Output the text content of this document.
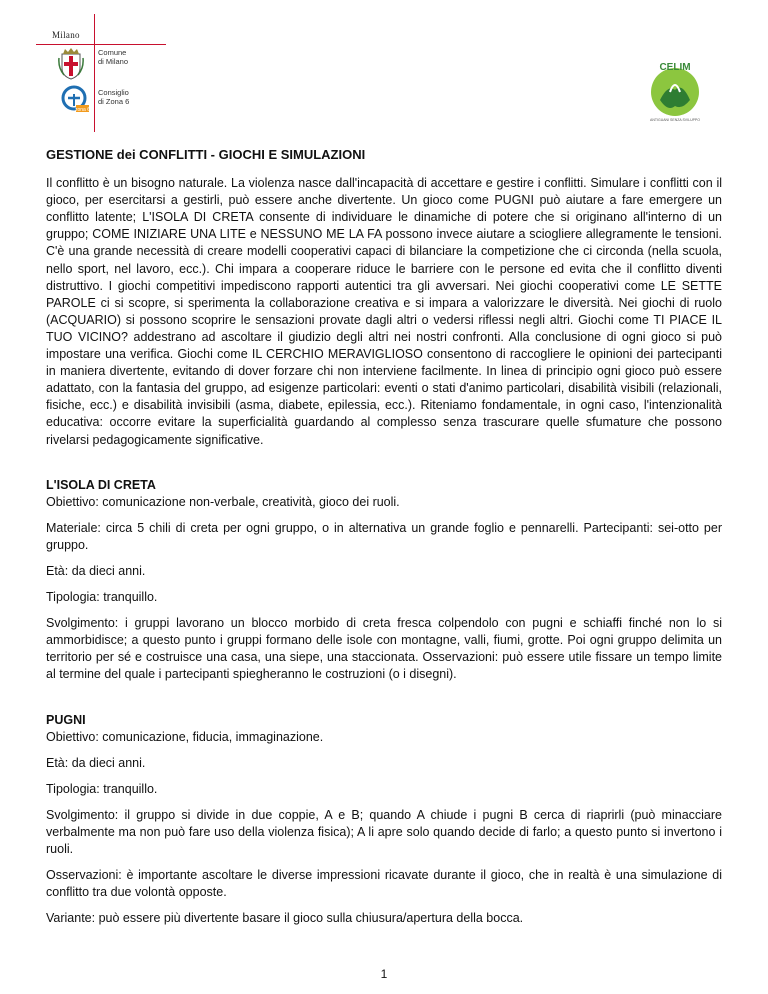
Milano
Comune
di Milano
zona 6
Consiglio
di Zona 6
CELIM
ANTIGUANI SENZA SVILUPPO
GESTIONE dei CONFLITTI - GIOCHI E SIMULAZIONI

Il conflitto è un bisogno naturale. La violenza nasce dall'incapacità di accettare e gestire i conflitti. Simulare i conflitti con il gioco, per esercitarsi a gestirli, può essere anche divertente. Un gioco come PUGNI può aiutare a fare emergere un conflitto latente; L'ISOLA DI CRETA consente di individuare le dinamiche di potere che si originano all'interno di un gruppo; COME INIZIARE UNA LITE e NESSUNO ME LA FA possono invece aiutare a sciogliere allegramente le tensioni. C'è una grande necessità di creare modelli cooperativi capaci di bilanciare la competizione che ci circonda (nella scuola, nello sport, nel lavoro, ecc.). Chi impara a cooperare riduce le barriere con le persone ed evita che il conflitto diventi distruttivo. I giochi competitivi impediscono rapporti autentici tra gli avversari. Nei giochi cooperativi come LE SETTE PAROLE ci si scopre, si sperimenta la collaborazione creativa e si impara a valorizzare le diversità. Nei giochi di ruolo (ACQUARIO) si possono scoprire le sensazioni provate dagli altri o vedersi riflessi negli altri. Giochi come TI PIACE IL TUO VICINO? addestrano ad ascoltare il giudizio degli altri nei nostri confronti. Alla conclusione di ogni gioco si può impostare una verifica. Giochi come IL CERCHIO MERAVIGLIOSO consentono di raccogliere le opinioni dei partecipanti in maniera divertente, evitando di dover forzare chi non interviene facilmente. In linea di principio ogni gioco può essere adattato, con la fantasia del gruppo, ad esigenze particolari: eventi o stati d'animo particolari, disabilità visibili (relazionali, fisiche, ecc.) e disabilità invisibili (asma, diabete, epilessia, ecc.). Riteniamo fondamentale, in ogni caso, l'intenzionalità educativa: occorre evitare la superficialità guardando al complesso senza trascurare quelle sfumature che possono rivelarsi pedagogicamente significative.

L'ISOLA DI CRETA

Obiettivo: comunicazione non-verbale, creatività, gioco dei ruoli.

Materiale: circa 5 chili di creta per ogni gruppo, o in alternativa un grande foglio e pennarelli. Partecipanti: sei-otto per gruppo.

Età: da dieci anni.

Tipologia: tranquillo.

Svolgimento: i gruppi lavorano un blocco morbido di creta fresca colpendolo con pugni e schiaffi finché non lo si ammorbidisce; a questo punto i gruppi formano delle isole con montagne, valli, fiumi, grotte. Poi ogni gruppo delimita un territorio per sé e costruisce una casa, una siepe, una staccionata. Osservazioni: può essere utile fissare un tempo limite al termine del quale i partecipanti spiegheranno le costruzioni (o i disegni).

PUGNI

Obiettivo: comunicazione, fiducia, immaginazione.

Età: da dieci anni.

Tipologia: tranquillo.

Svolgimento: il gruppo si divide in due coppie, A e B; quando A chiude i pugni B cerca di riaprirli (può minacciare verbalmente ma non può fare uso della violenza fisica); A li apre solo quando decide di farlo; a questo punto si invertono i ruoli.

Osservazioni: è importante ascoltare le diverse impressioni ricavate durante il gioco, che in realtà è una simulazione di conflitto tra due volontà opposte.

Variante: può essere più divertente basare il gioco sulla chiusura/apertura della bocca.

1
